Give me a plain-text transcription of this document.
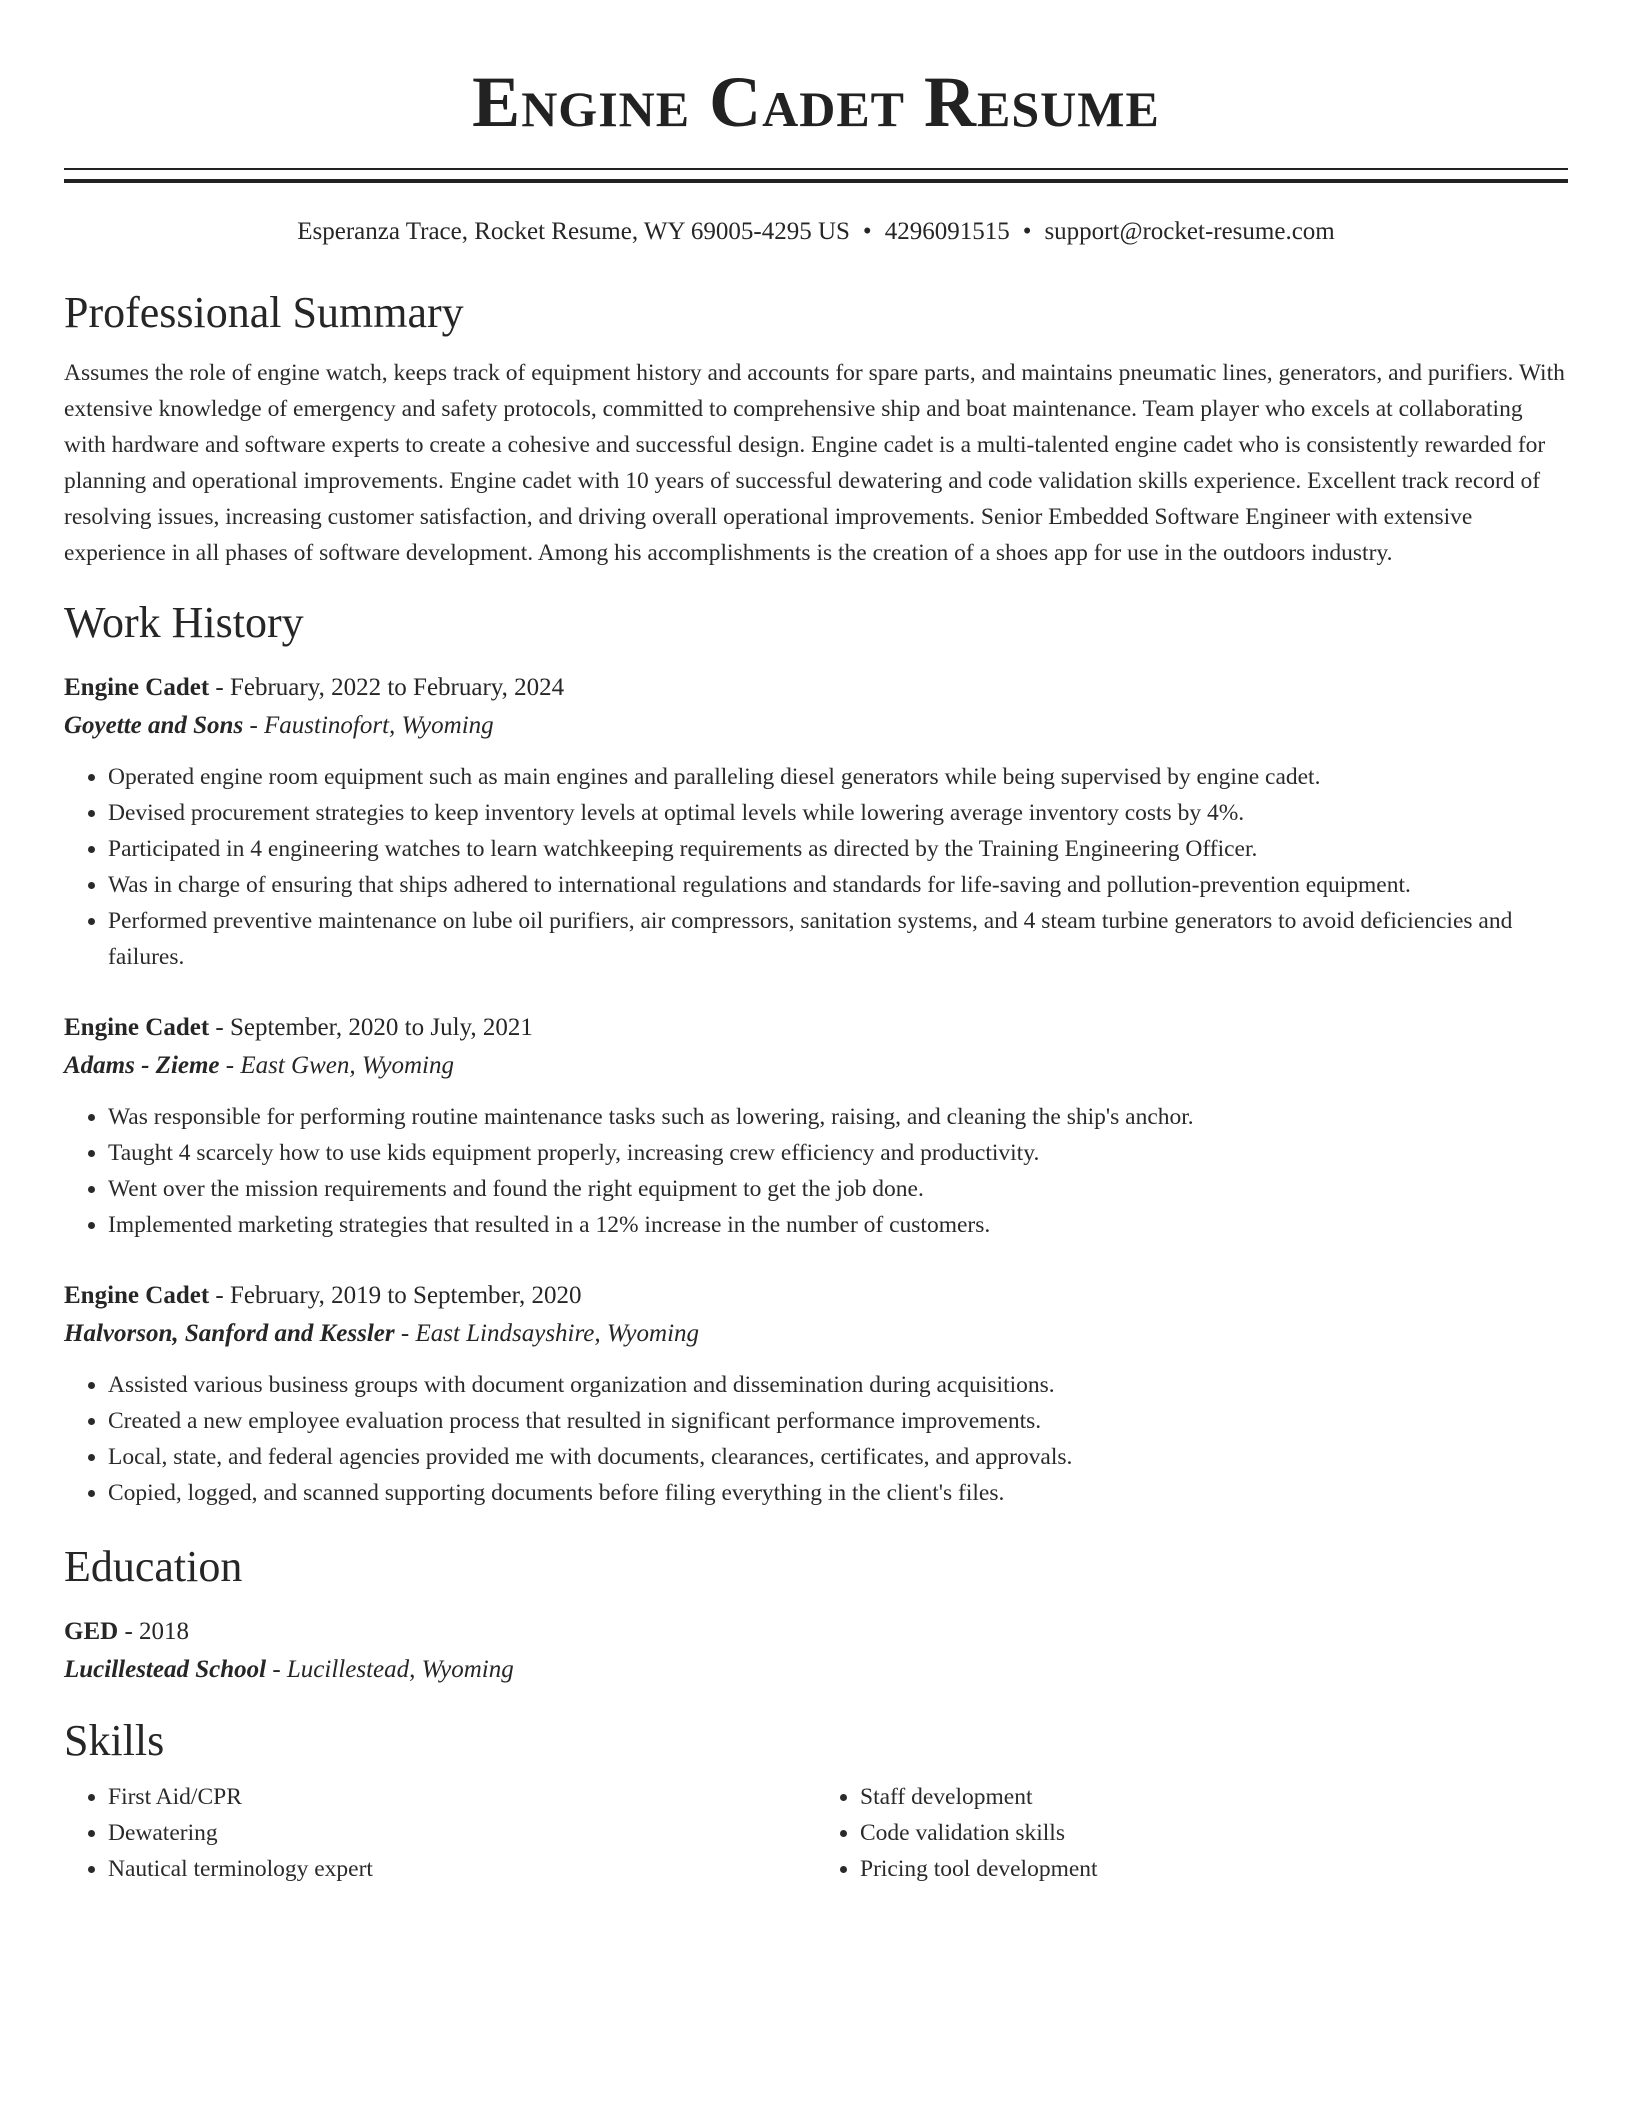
Engine Cadet Resume
Esperanza Trace, Rocket Resume, WY 69005-4295 US • 4296091515 • support@rocket-resume.com
Professional Summary
Assumes the role of engine watch, keeps track of equipment history and accounts for spare parts, and maintains pneumatic lines, generators, and purifiers. With extensive knowledge of emergency and safety protocols, committed to comprehensive ship and boat maintenance. Team player who excels at collaborating with hardware and software experts to create a cohesive and successful design. Engine cadet is a multi-talented engine cadet who is consistently rewarded for planning and operational improvements. Engine cadet with 10 years of successful dewatering and code validation skills experience. Excellent track record of resolving issues, increasing customer satisfaction, and driving overall operational improvements. Senior Embedded Software Engineer with extensive experience in all phases of software development. Among his accomplishments is the creation of a shoes app for use in the outdoors industry.
Work History
Engine Cadet - February, 2022 to February, 2024
Goyette and Sons - Faustinofort, Wyoming
• Operated engine room equipment such as main engines and paralleling diesel generators while being supervised by engine cadet.
• Devised procurement strategies to keep inventory levels at optimal levels while lowering average inventory costs by 4%.
• Participated in 4 engineering watches to learn watchkeeping requirements as directed by the Training Engineering Officer.
• Was in charge of ensuring that ships adhered to international regulations and standards for life-saving and pollution-prevention equipment.
• Performed preventive maintenance on lube oil purifiers, air compressors, sanitation systems, and 4 steam turbine generators to avoid deficiencies and failures.
Engine Cadet - September, 2020 to July, 2021
Adams - Zieme - East Gwen, Wyoming
• Was responsible for performing routine maintenance tasks such as lowering, raising, and cleaning the ship's anchor.
• Taught 4 scarcely how to use kids equipment properly, increasing crew efficiency and productivity.
• Went over the mission requirements and found the right equipment to get the job done.
• Implemented marketing strategies that resulted in a 12% increase in the number of customers.
Engine Cadet - February, 2019 to September, 2020
Halvorson, Sanford and Kessler - East Lindsayshire, Wyoming
• Assisted various business groups with document organization and dissemination during acquisitions.
• Created a new employee evaluation process that resulted in significant performance improvements.
• Local, state, and federal agencies provided me with documents, clearances, certificates, and approvals.
• Copied, logged, and scanned supporting documents before filing everything in the client's files.
Education
GED - 2018
Lucillestead School - Lucillestead, Wyoming
Skills
• First Aid/CPR
• Dewatering
• Nautical terminology expert
• Staff development
• Code validation skills
• Pricing tool development
